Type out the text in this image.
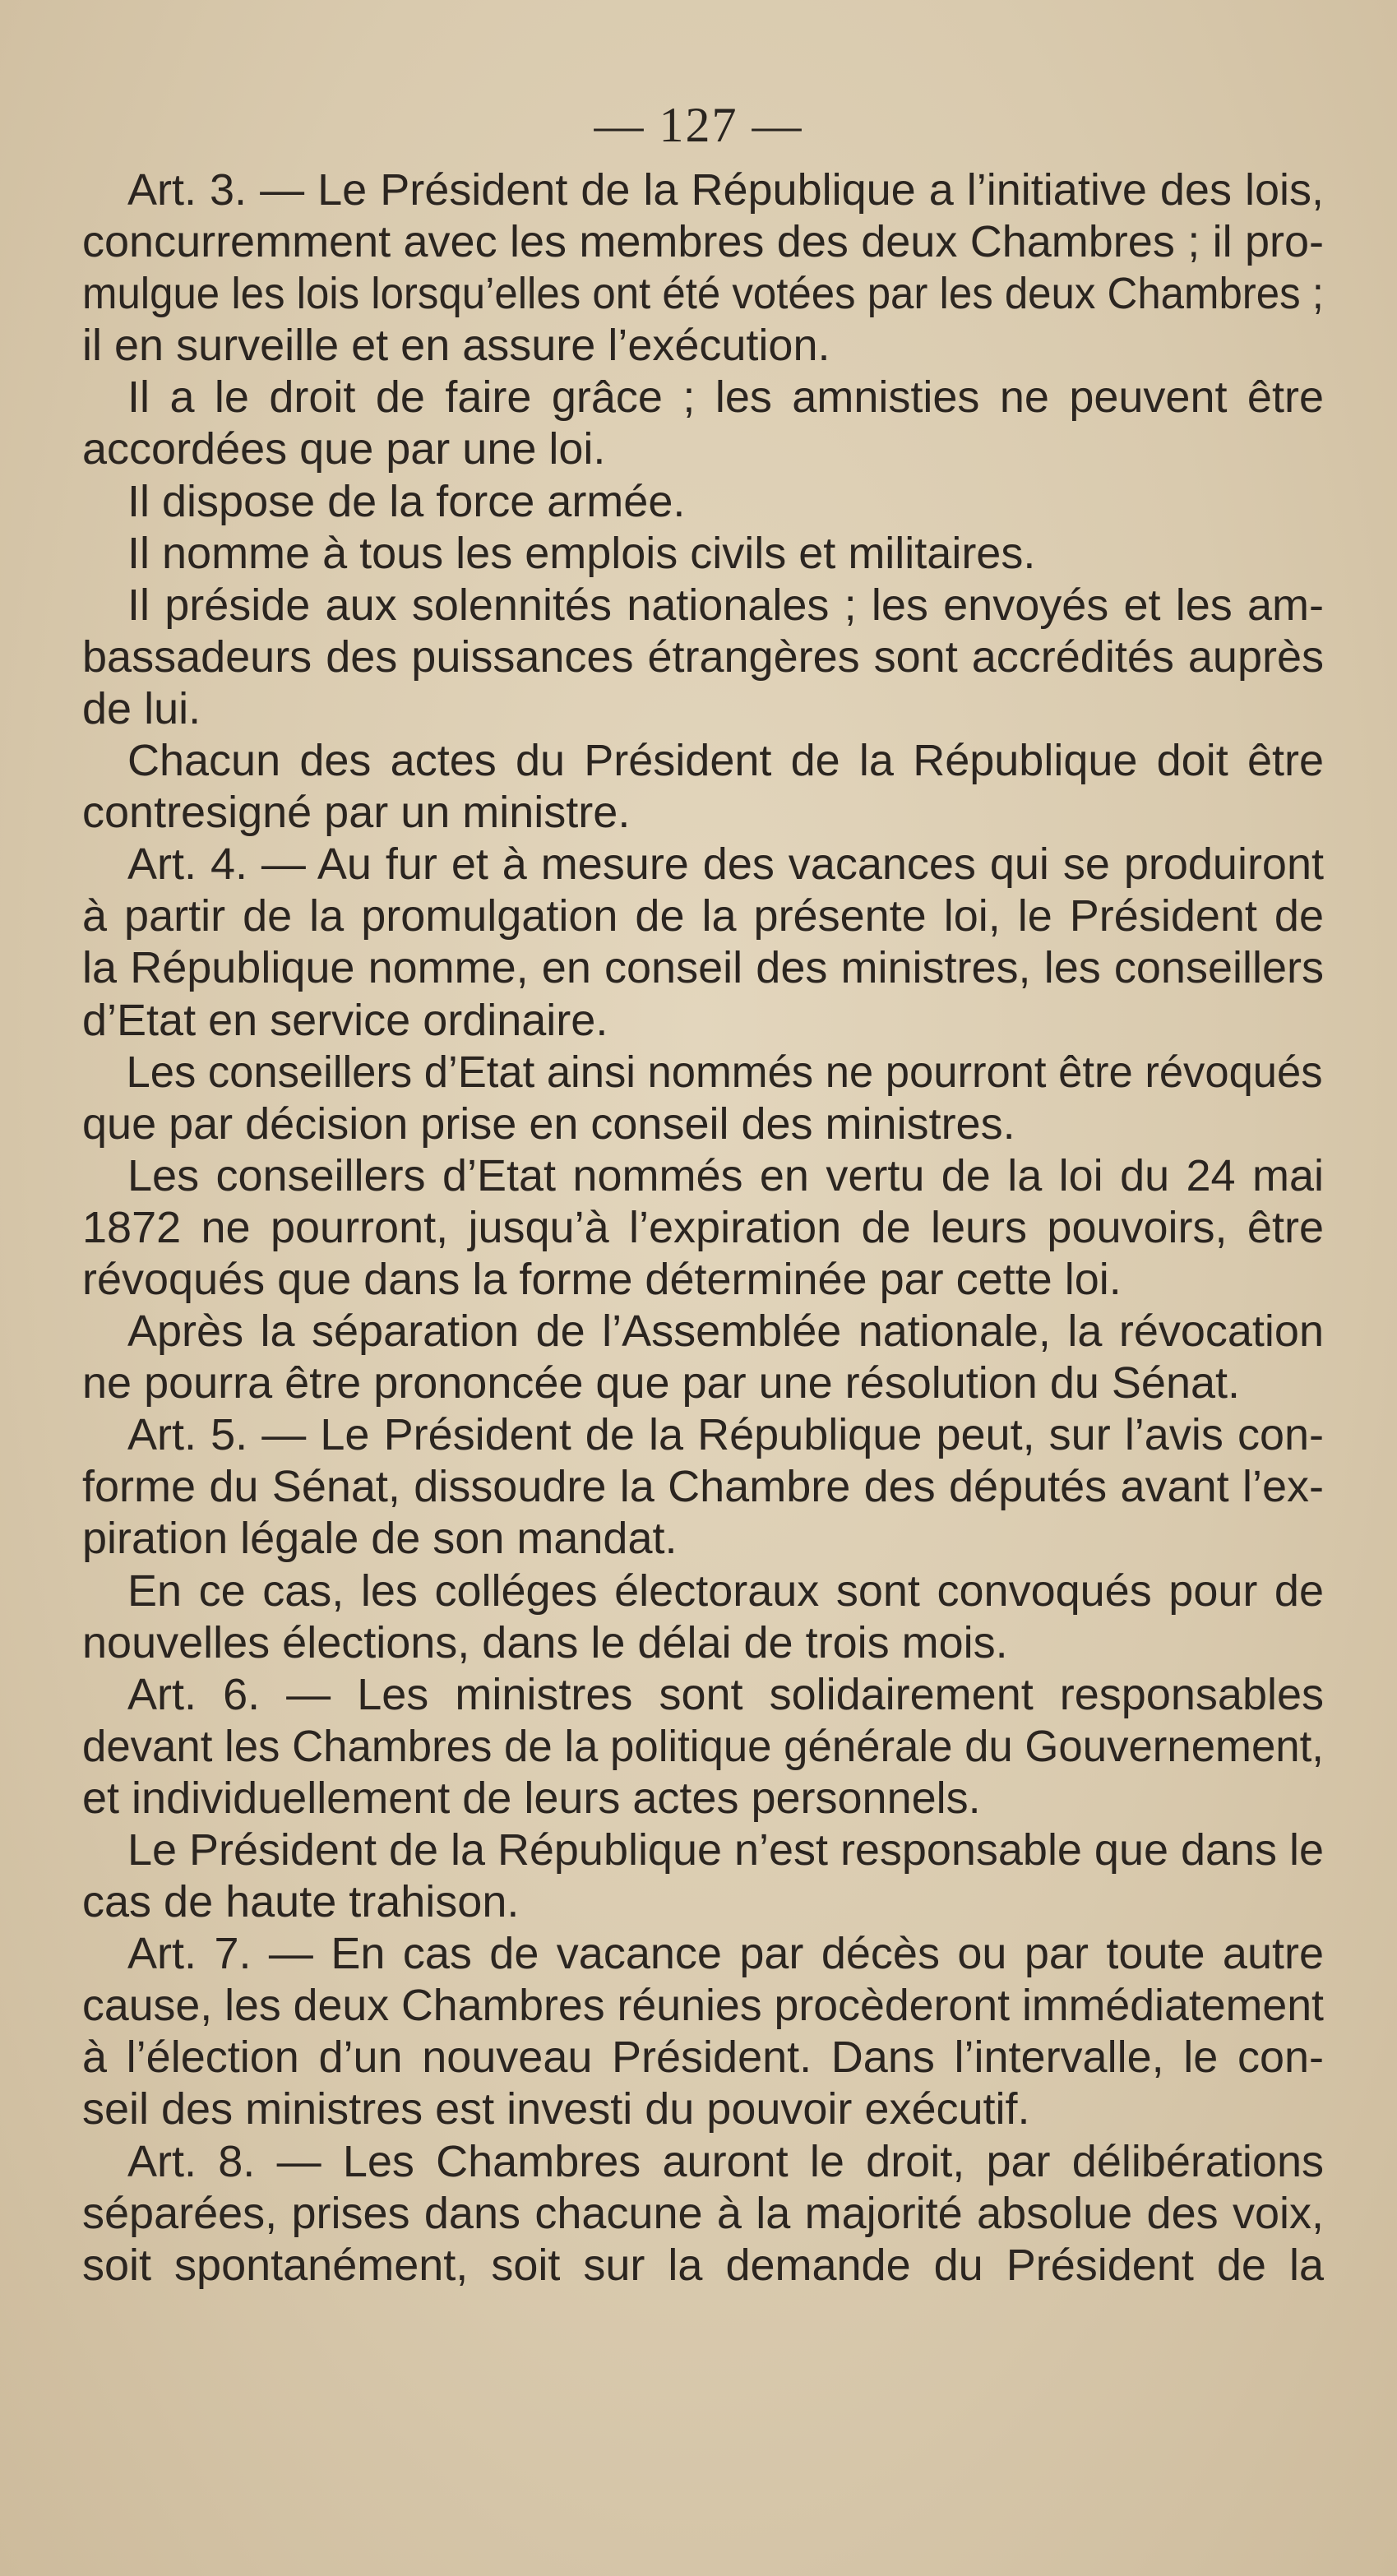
— 127 —
Art. 3. — Le Président de la République a l’initiative des lois,
concurremment avec les membres des deux Chambres ; il pro-
mulgue les lois lorsqu’elles ont été votées par les deux Chambres ;
il en surveille et en assure l’exécution.
Il a le droit de faire grâce ; les amnisties ne peuvent être
accordées que par une loi.
Il dispose de la force armée.
Il nomme à tous les emplois civils et militaires.
Il préside aux solennités nationales ; les envoyés et les am-
bassadeurs des puissances étrangères sont accrédités auprès
de lui.
Chacun des actes du Président de la République doit être
contresigné par un ministre.
Art. 4. — Au fur et à mesure des vacances qui se produiront
à partir de la promulgation de la présente loi, le Président de
la République nomme, en conseil des ministres, les conseillers
d’Etat en service ordinaire.
Les conseillers d’Etat ainsi nommés ne pourront être révoqués
que par décision prise en conseil des ministres.
Les conseillers d’Etat nommés en vertu de la loi du 24 mai
1872 ne pourront, jusqu’à l’expiration de leurs pouvoirs, être
révoqués que dans la forme déterminée par cette loi.
Après la séparation de l’Assemblée nationale, la révocation
ne pourra être prononcée que par une résolution du Sénat.
Art. 5. — Le Président de la République peut, sur l’avis con-
forme du Sénat, dissoudre la Chambre des députés avant l’ex-
piration légale de son mandat.
En ce cas, les colléges électoraux sont convoqués pour de
nouvelles élections, dans le délai de trois mois.
Art. 6. — Les ministres sont solidairement responsables
devant les Chambres de la politique générale du Gouvernement,
et individuellement de leurs actes personnels.
Le Président de la République n’est responsable que dans le
cas de haute trahison.
Art. 7. — En cas de vacance par décès ou par toute autre
cause, les deux Chambres réunies procèderont immédiatement
à l’élection d’un nouveau Président. Dans l’intervalle, le con-
seil des ministres est investi du pouvoir exécutif.
Art. 8. — Les Chambres auront le droit, par délibérations
séparées, prises dans chacune à la majorité absolue des voix,
soit spontanément, soit sur la demande du Président de la
